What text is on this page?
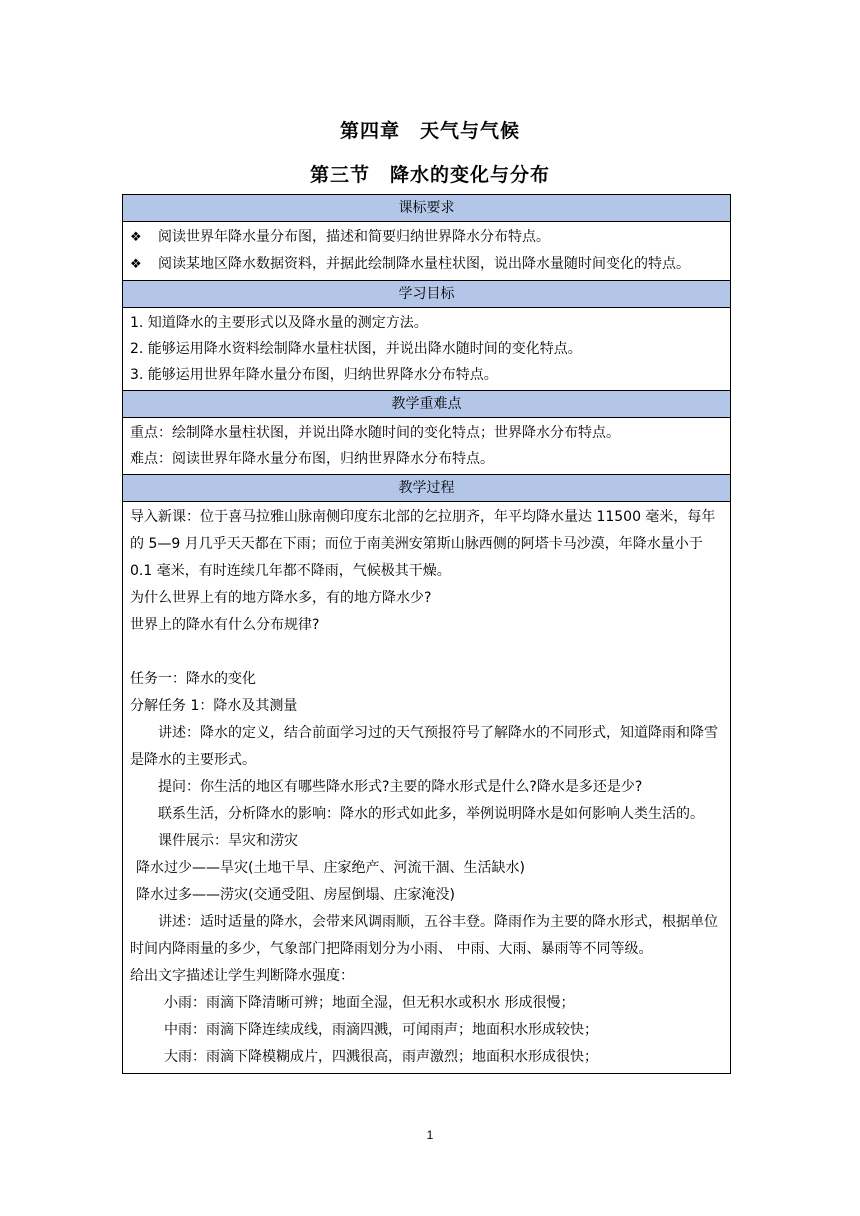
第四章　天气与气候
第三节　降水的变化与分布
课标要求
❖ 阅读世界年降水量分布图，描述和简要归纳世界降水分布特点。
❖ 阅读某地区降水数据资料，并据此绘制降水量柱状图，说出降水量随时间变化的特点。
学习目标
1. 知道降水的主要形式以及降水量的测定方法。
2. 能够运用降水资料绘制降水量柱状图，并说出降水随时间的变化特点。
3. 能够运用世界年降水量分布图，归纳世界降水分布特点。
教学重难点
重点：绘制降水量柱状图，并说出降水随时间的变化特点；世界降水分布特点。
难点：阅读世界年降水量分布图，归纳世界降水分布特点。
教学过程
导入新课：位于喜马拉雅山脉南侧印度东北部的乞拉朋齐，年平均降水量达 11500 毫米，每年的 5—9 月几乎天天都在下雨；而位于南美洲安第斯山脉西侧的阿塔卡马沙漠，年降水量小于 0.1 毫米，有时连续几年都不降雨，气候极其干燥。
为什么世界上有的地方降水多，有的地方降水少?
世界上的降水有什么分布规律?
任务一：降水的变化
分解任务 1：降水及其测量
讲述：降水的定义，结合前面学习过的天气预报符号了解降水的不同形式，知道降雨和降雪是降水的主要形式。
提问：你生活的地区有哪些降水形式?主要的降水形式是什么?降水是多还是少?
联系生活，分析降水的影响：降水的形式如此多，举例说明降水是如何影响人类生活的。
课件展示：旱灾和涝灾
降水过少——旱灾(土地干旱、庄家绝产、河流干涸、生活缺水)
降水过多——涝灾(交通受阻、房屋倒塌、庄家淹没)
讲述：适时适量的降水，会带来风调雨顺，五谷丰登。降雨作为主要的降水形式，根据单位时间内降雨量的多少，气象部门把降雨划分为小雨、 中雨、大雨、暴雨等不同等级。
给出文字描述让学生判断降水强度：
小雨：雨滴下降清晰可辨；地面全湿，但无积水或积水 形成很慢；
中雨：雨滴下降连续成线，雨滴四溅，可闻雨声；地面积水形成较快；
大雨：雨滴下降模糊成片，四溅很高，雨声激烈；地面积水形成很快；
1
